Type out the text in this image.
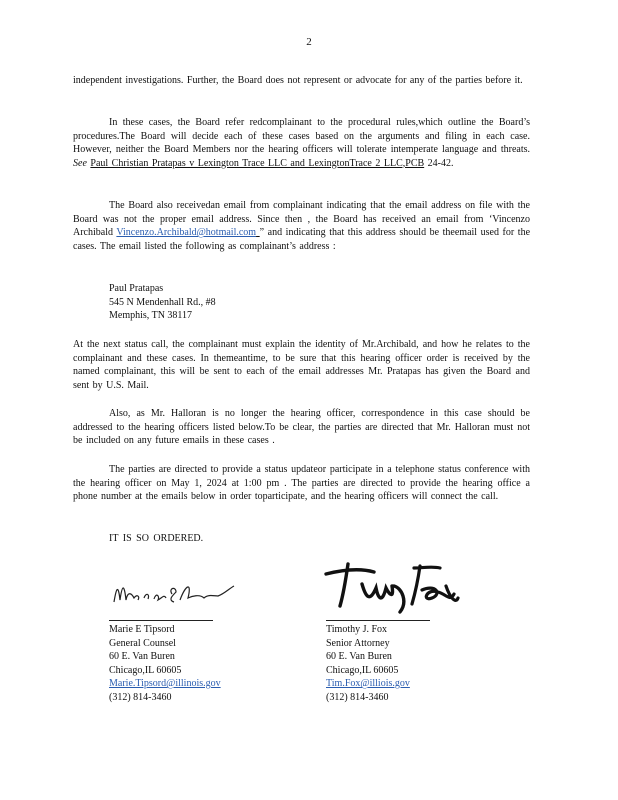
2

independent investigations. Further, the Board does not represent or advocate for any of the parties before it.

In these cases, the Board refer redcomplainant to the procedural rules,which outline the Board’s procedures.The Board will decide each of these cases based on the arguments and filing in each case. However, neither the Board Members nor the hearing officers will tolerate intemperate language and threats. See Paul Christian Pratapas v Lexington Trace LLC and LexingtonTrace 2 LLC,PCB 24-42.

The Board also receivedan email from complainant indicating that the email address on file with the Board was not the proper email address. Since then , the Board has received an email from ‘Vincenzo Archibald Vincenzo.Archibald@hotmail.com ” and indicating that this address should be theemail used for the cases. The email listed the following as complainant’s address :

Paul Pratapas
545 N Mendenhall Rd., #8
Memphis, TN 38117

At the next status call, the complainant must explain the identity of Mr.Archibald, and how he relates to the complainant and these cases. In themeantime, to be sure that this hearing officer order is received by the named complainant, this will be sent to each of the email addresses Mr. Pratapas has given the Board and sent by U.S. Mail.

Also, as Mr. Halloran is no longer the hearing officer, correspondence in this case should be addressed to the hearing officers listed below.To be clear, the parties are directed that Mr. Halloran must not be included on any future emails in these cases .

The parties are directed to provide a status updateor participate in a telephone status conference with the hearing officer on May 1, 2024 at 1:00 pm . The parties are directed to provide the hearing office a phone number at the emails below in order toparticipate, and the hearing officers will connect the call.

IT IS SO ORDERED.
Marie E Tipsord
General Counsel
60 E. Van Buren
Chicago,IL 60605
Marie.Tipsord@illinois.gov
(312) 814-3460
Timothy J. Fox
Senior Attorney
60 E. Van Buren
Chicago,IL 60605
Tim.Fox@illiois.gov
(312) 814-3460
